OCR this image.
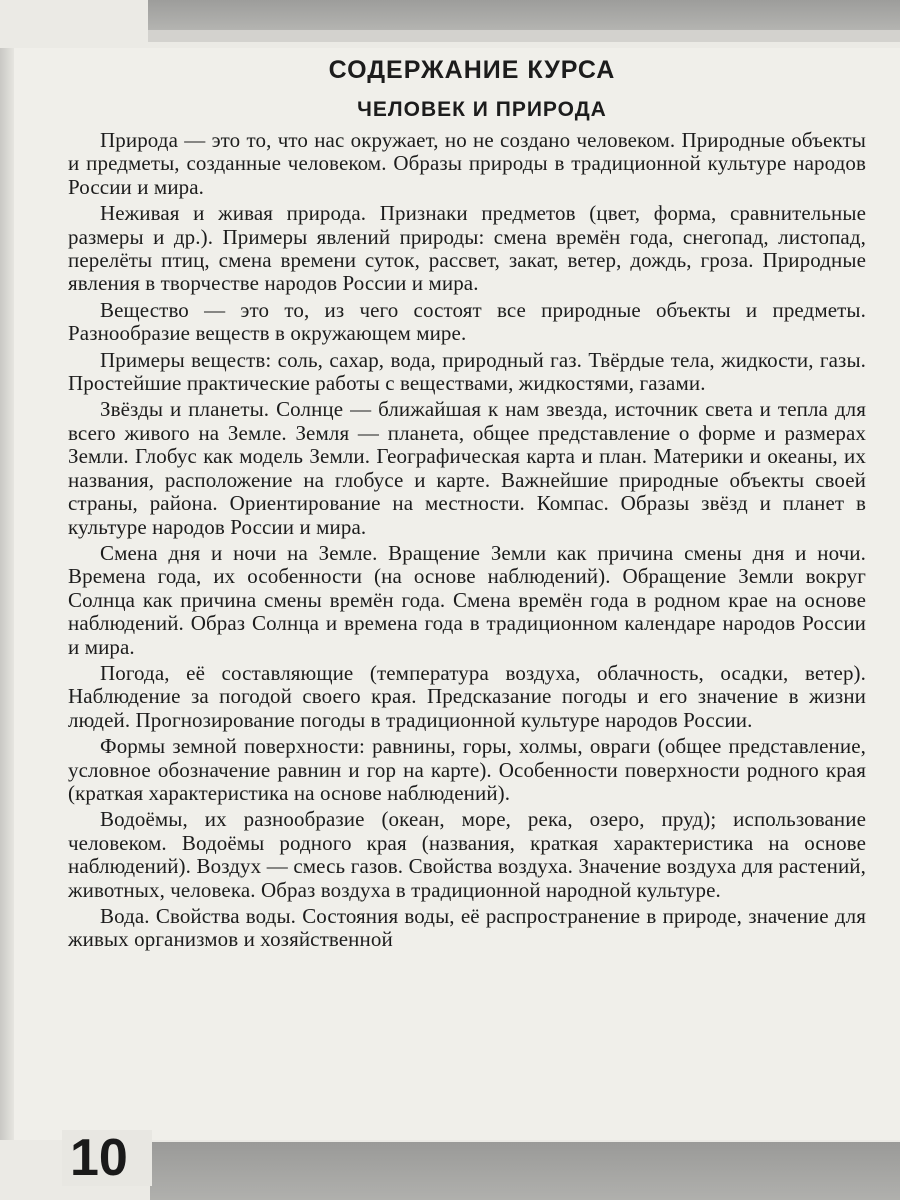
СОДЕРЖАНИЕ КУРСА
ЧЕЛОВЕК И ПРИРОДА

Природа — это то, что нас окружает, но не создано человеком. Природные объекты и предметы, созданные человеком. Образы природы в традиционной культуре народов России и мира.

Неживая и живая природа. Признаки предметов (цвет, форма, сравнительные размеры и др.). Примеры явлений природы: смена времён года, снегопад, листопад, перелёты птиц, смена времени суток, рассвет, закат, ветер, дождь, гроза. Природные явления в творчестве народов России и мира.

Вещество — это то, из чего состоят все природные объекты и предметы. Разнообразие веществ в окружающем мире.

Примеры веществ: соль, сахар, вода, природный газ. Твёрдые тела, жидкости, газы. Простейшие практические работы с веществами, жидкостями, газами.

Звёзды и планеты. Солнце — ближайшая к нам звезда, источник света и тепла для всего живого на Земле. Земля — планета, общее представление о форме и размерах Земли. Глобус как модель Земли. Географическая карта и план. Материки и океаны, их названия, расположение на глобусе и карте. Важнейшие природные объекты своей страны, района. Ориентирование на местности. Компас. Образы звёзд и планет в культуре народов России и мира.

Смена дня и ночи на Земле. Вращение Земли как причина смены дня и ночи. Времена года, их особенности (на основе наблюдений). Обращение Земли вокруг Солнца как причина смены времён года. Смена времён года в родном крае на основе наблюдений. Образ Солнца и времена года в традиционном календаре народов России и мира.

Погода, её составляющие (температура воздуха, облачность, осадки, ветер). Наблюдение за погодой своего края. Предсказание погоды и его значение в жизни людей. Прогнозирование погоды в традиционной культуре народов России.

Формы земной поверхности: равнины, горы, холмы, овраги (общее представление, условное обозначение равнин и гор на карте). Особенности поверхности родного края (краткая характеристика на основе наблюдений).

Водоёмы, их разнообразие (океан, море, река, озеро, пруд); использование человеком. Водоёмы родного края (названия, краткая характеристика на основе наблюдений). Воздух — смесь газов. Свойства воздуха. Значение воздуха для растений, животных, человека. Образ воздуха в традиционной народной культуре.

Вода. Свойства воды. Состояния воды, её распространение в природе, значение для живых организмов и хозяйственной

10
